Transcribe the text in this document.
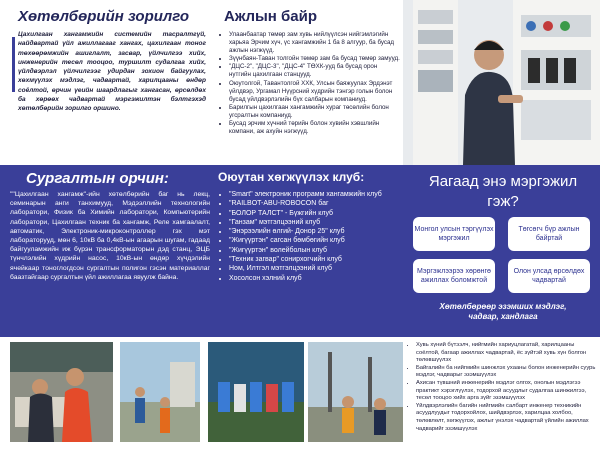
Хөтөлбөрийн зорилго
Цахилгаан хангамжийн системийн тасралтгүй, найдвартай үйл ажиллагааг хангах, цахилгаан тоног төхөөрөмжийн ашиглалт, засвар, үйлчилгээ хийх, инженерийн тесөл тооцоо, туршилт судалгаа хийх, үйлдвэрлэл үйлчилгээг удирдан зохион байгуулах, хөхмүүлэх мэдлэг, чадвартай, харилцааны өндөр соёлтой, өрчин үеийн шаардлагыг хангасан, өрсөлдөх ба хөрөөх чадвартай мэргэжилтэн бэлтгэхэд хөтөлбөрийн зорилго оршино.
Ажлын байр
• Улаанбаатар төмөр зам хувь нийлүүлсэн нийгэмлэгийн харьяа Эрчим хүч, үс хангамжийн 1 ба 8 алгуур, ба бусад ажлын нэгжүүд.
• Зүүнбаян-Таван толгойн төмөр зам ба бусад төмөр замууд.
• "ДЦС-2", "ДЦС-3", "ДЦС-4" ТӨХК-ууд ба бусад орон нутгийн цахилгаан станцууд.
• Оюутолгой, Тавантолгой ХХК, Улсын баяжуулах Эрдэнэт үйлдвэр, Ургамал Нүүрсний хүдрийн тэнгэр голын болон бусад үйлдвэрлэлийн бүх салбарын компаниуд.
• Барилгын цахилгаан хангамжийн хураг төсөлийн болон угсралтын компаниуд.
• Бусад эрчим хүчний төрийн болон хувийн хэвшлийн компани, аж ахуйн нэгжүүд.
Сургалтын орчин:
""Цахилгаан хангамж"-ийн хөтөлбөрийн баг нь лекц, семинарын анги танхимууд, Мэдээллийн технологийн лаборатори, Физик ба Химийн лаборатори, Компьютерийн лаборатори, Цахилгаан техник ба хангамж, Реле хамгаалалт, автоматик, Электроник-микроконтроллер гэх мэт лабораторууд, мөн 6, 10кВ ба 0,4кВ-ын агаарын шугам, гадаад байгууламжийн иж бүрэн трансформаторын дэд станц, ЭЦБ түнчлэлийн хүдрийн насос, 10кВ-ын өндөр хүчдэлийн ячейкаар тоноглогдсон сургалтын полигон гэсэн материаллаг баазтайгаар сургалтын үйл ажиллагаа явуулж байна.
Оюутан хөгжүүлэх клуб:
• "Smart" электроник программ хангамжийн клуб
• "RAILBOT-ABU-ROBOCON баг
• "БОЛОР ТАЛСТ" - Бүжгийн клуб
• "Ганзам" мэтгэлцээний клуб
• "Энэрээлийн өлгий- Донор 25" клуб
• "Жигүүртэн" сагсан бөмбөгийн клуб
• "Жигүүртэн" волейболын клуб
• "Техник загвар" сонирхогчийн клуб
• Ном, Илтгэл мэтгэлцээний клуб
• Хосолсон хэлний клуб
Яагаад энэ мэргэжил гэж?
Монгол улсын тэргүүлэх мэргэжил
Төгсөгч бүр ажлын байртай
Мэргэжлээрээ хөрөнгө ажиллах боломжтой
Олон улсад өрсөлдөх чадвартай
Хөтөлбөрөөр эзэмших мэдлэг, чадвар, хандлага
• Хувь хүний бүтээлч, нийгмийн хариуцлагатай, харилцааны соёлтой, багаар ажиллах чадвартай, ёс зүйтэй хувь хүн болгон төлөвшүүлэх
• Байгалийн ба нийгмийн шинжлэх ухааны болон инженерийн суурь мэдлэг, чадварыг эзэмшүүлэх
• Ахисан түвшний инженерийн мэдлэг олгох, онолын мэдлэгээ практикт хэрэглүүлэх, тодорхой асуудлыг судалгаа шинжилгээ, тесөл тооцоо хийх арга зүйг эзэмшүүлэх
• Үйлдвэрлэлийн багийн нийгмийн салбарт инженер техникийн асуудлуудыг тодорхойлох, шийдвэрлэх, харилцаа холбоо, төлөвлөлт, хөгжүүлэх, ажлыг үнэлэх чадвартай үйлийн ажиллах чадварийг эзэмшүүлэх
